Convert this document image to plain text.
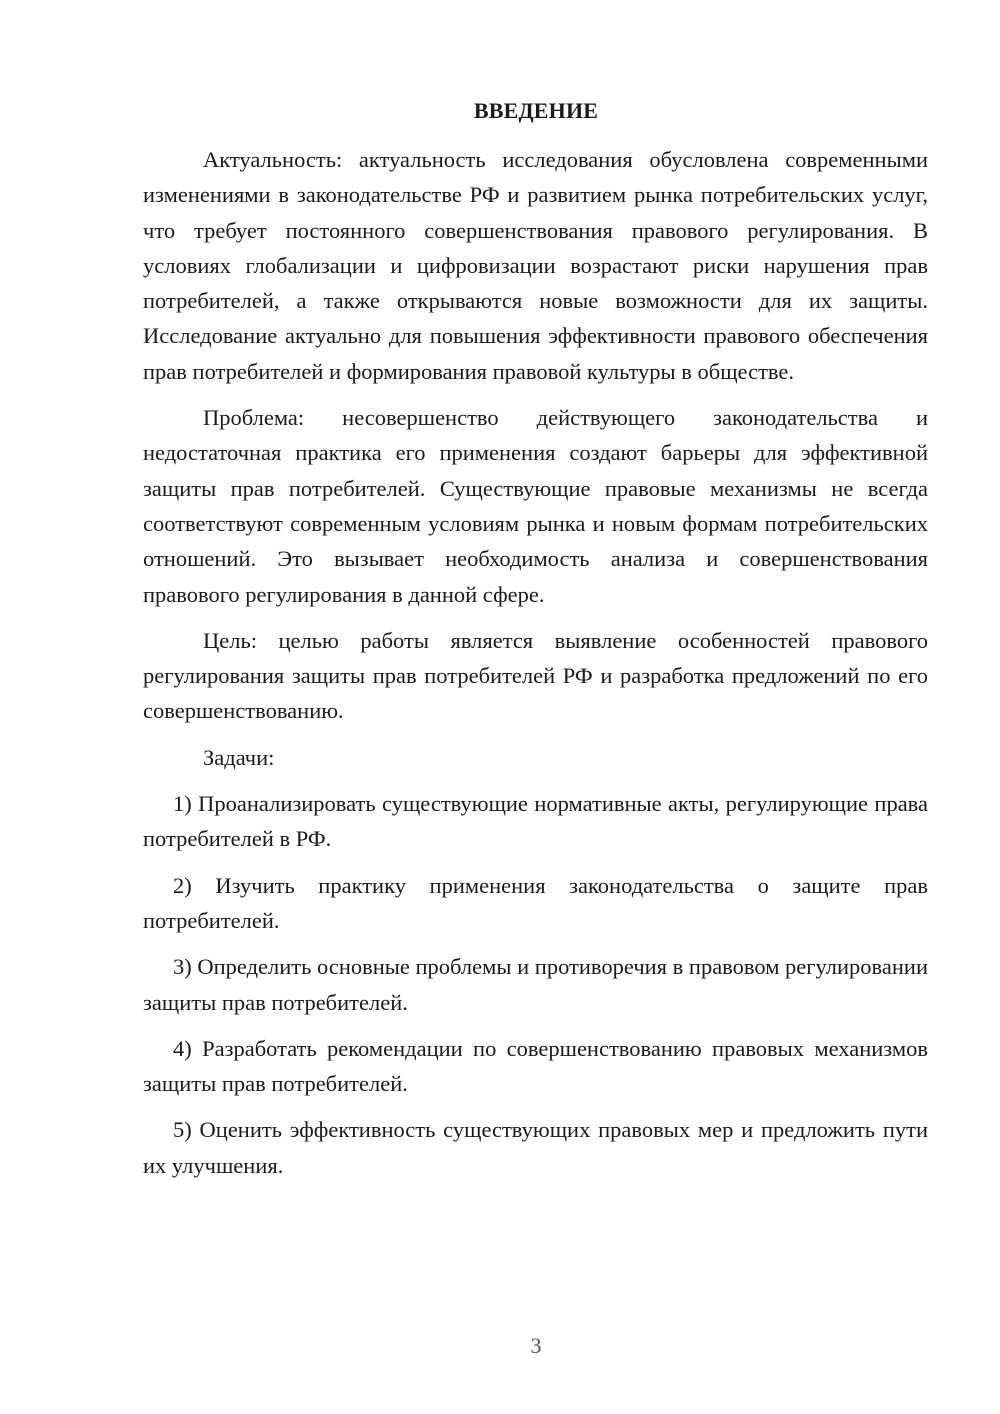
ВВЕДЕНИЕ

Актуальность: актуальность исследования обусловлена современными изменениями в законодательстве РФ и развитием рынка потребительских услуг, что требует постоянного совершенствования правового регулирования. В условиях глобализации и цифровизации возрастают риски нарушения прав потребителей, а также открываются новые возможности для их защиты. Исследование актуально для повышения эффективности правового обеспечения прав потребителей и формирования правовой культуры в обществе.

Проблема: несовершенство действующего законодательства и недостаточная практика его применения создают барьеры для эффективной защиты прав потребителей. Существующие правовые механизмы не всегда соответствуют современным условиям рынка и новым формам потребительских отношений. Это вызывает необходимость анализа и совершенствования правового регулирования в данной сфере.

Цель: целью работы является выявление особенностей правового регулирования защиты прав потребителей РФ и разработка предложений по его совершенствованию.

Задачи:

1) Проанализировать существующие нормативные акты, регулирующие права потребителей в РФ.

2) Изучить практику применения законодательства о защите прав потребителей.

3) Определить основные проблемы и противоречия в правовом регулировании защиты прав потребителей.

4) Разработать рекомендации по совершенствованию правовых механизмов защиты прав потребителей.

5) Оценить эффективность существующих правовых мер и предложить пути их улучшения.

3
